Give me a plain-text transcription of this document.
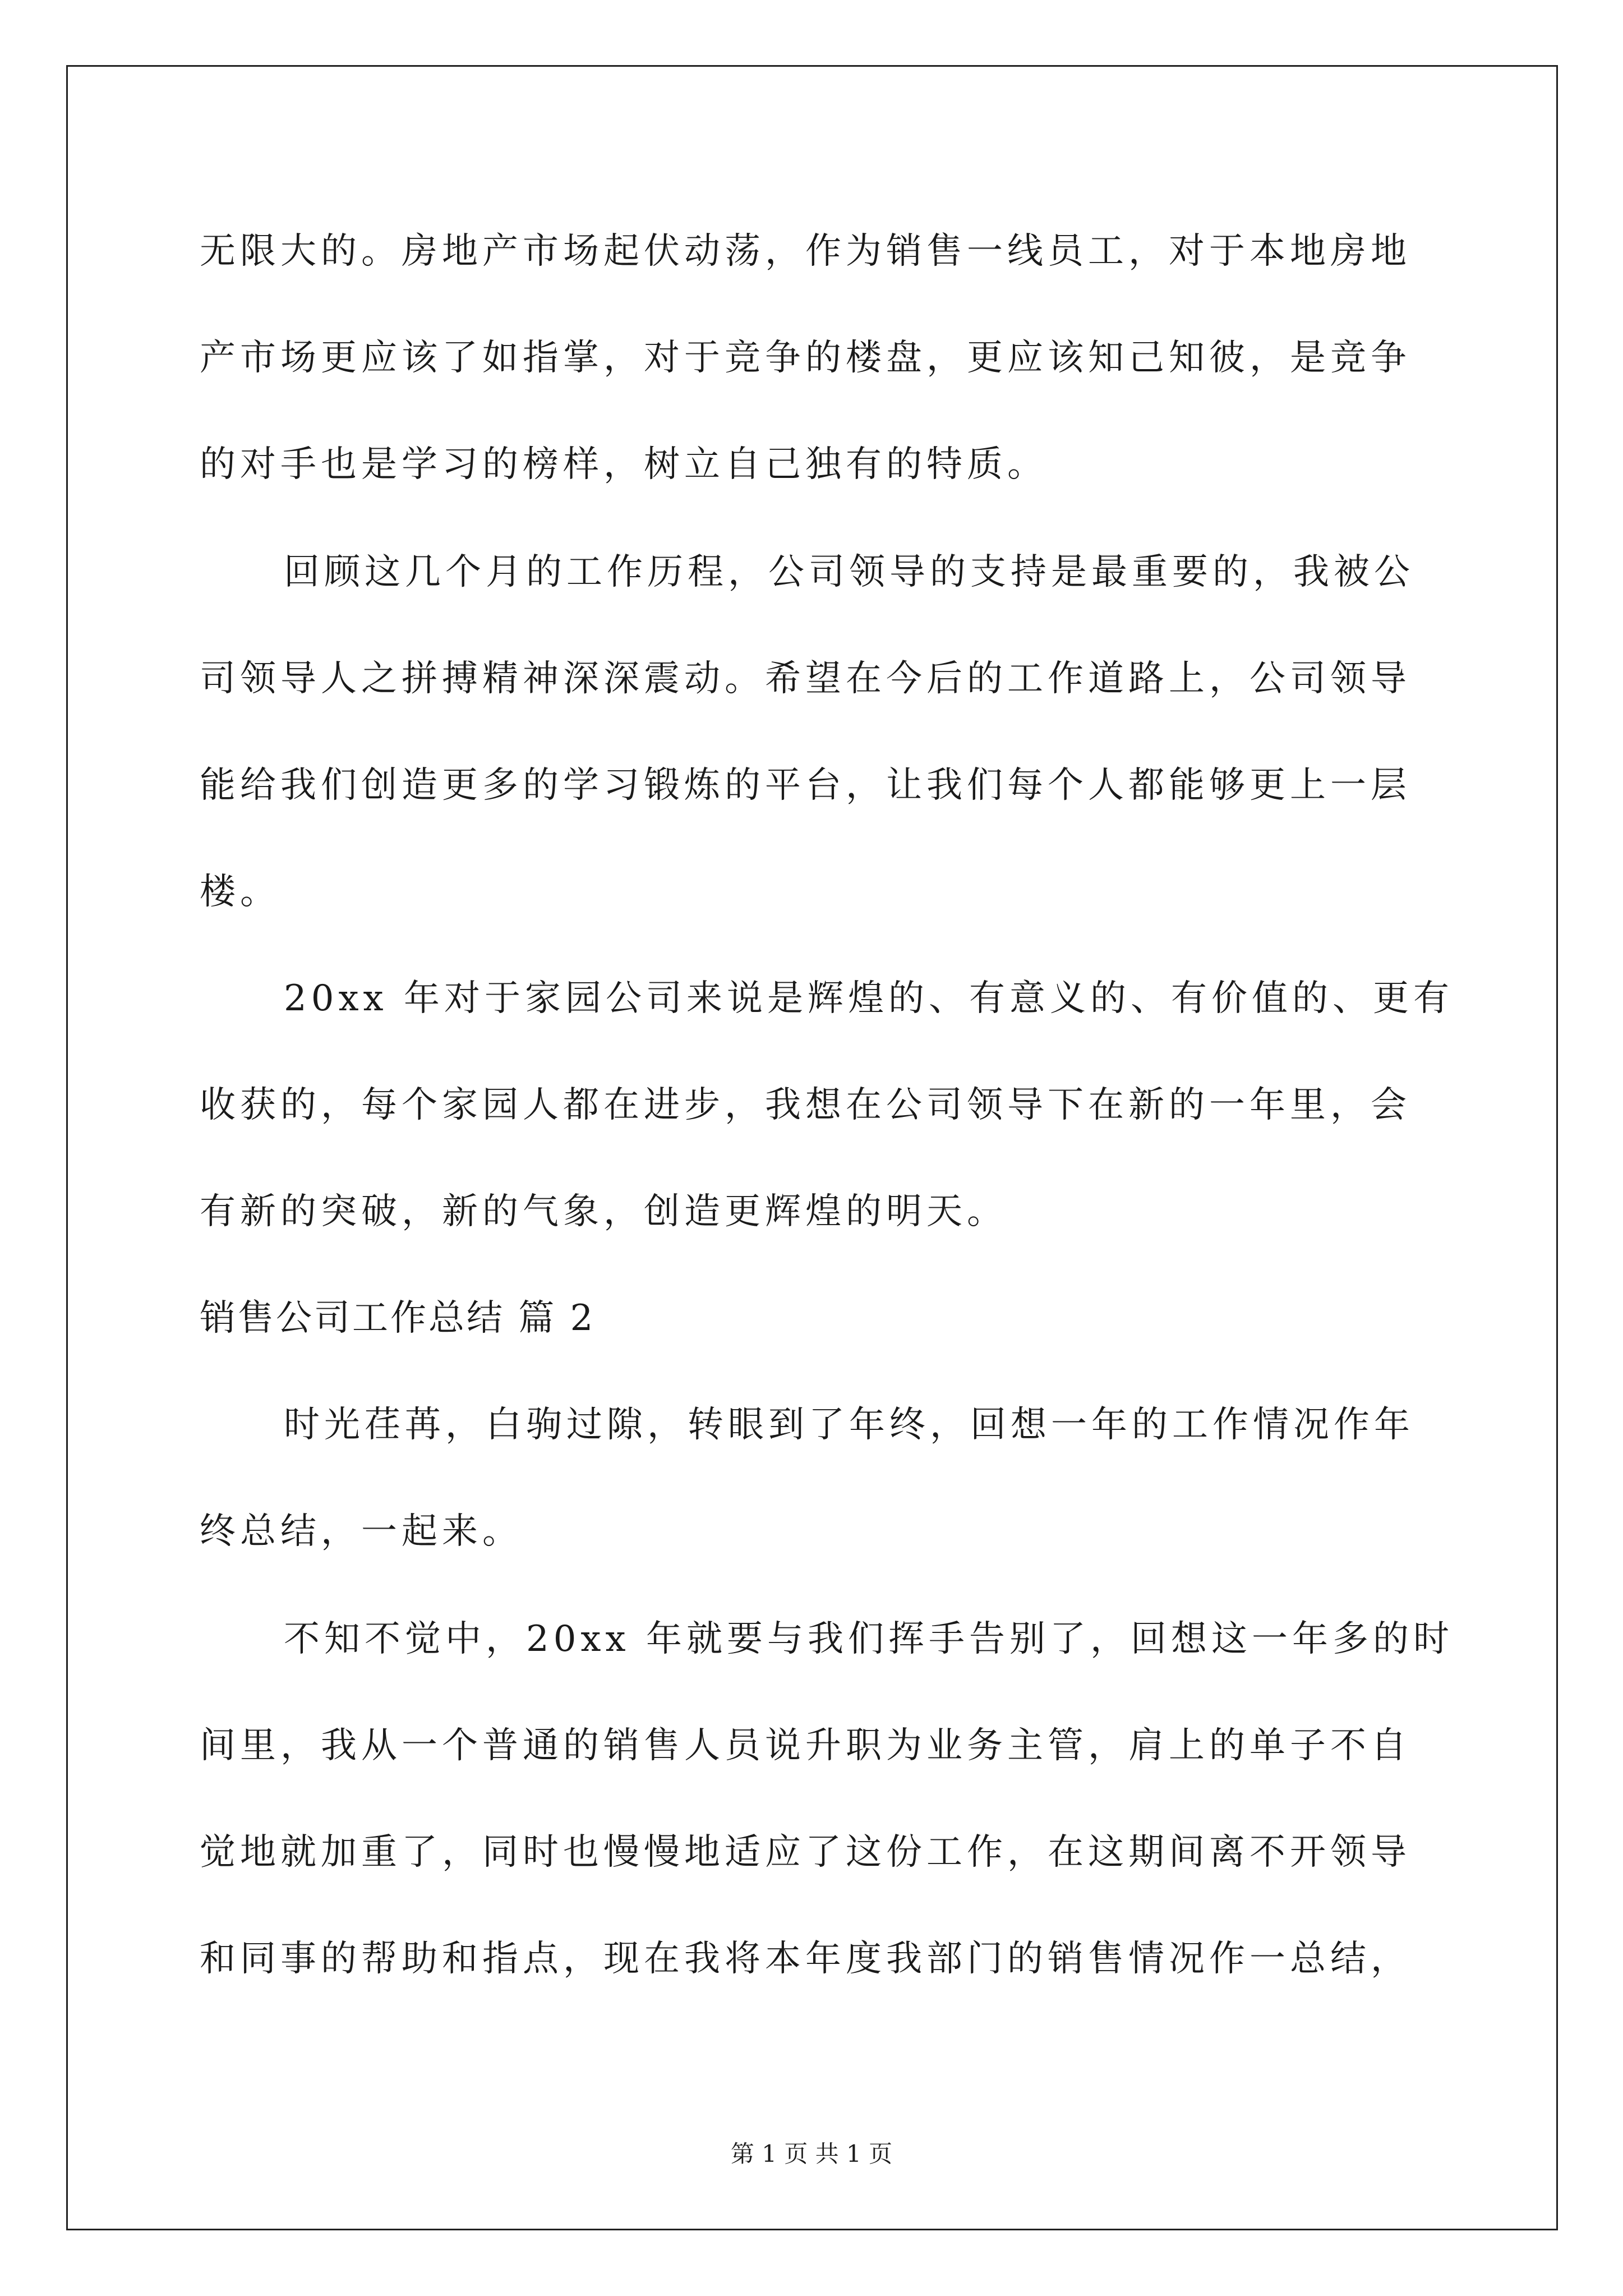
无限大的。房地产市场起伏动荡，作为销售一线员工，对于本地房地
产市场更应该了如指掌，对于竞争的楼盘，更应该知己知彼，是竞争
的对手也是学习的榜样，树立自己独有的特质。
回顾这几个月的工作历程，公司领导的支持是最重要的，我被公
司领导人之拼搏精神深深震动。希望在今后的工作道路上，公司领导
能给我们创造更多的学习锻炼的平台，让我们每个人都能够更上一层
楼。
20xx 年对于家园公司来说是辉煌的、有意义的、有价值的、更有
收获的，每个家园人都在进步，我想在公司领导下在新的一年里，会
有新的突破，新的气象，创造更辉煌的明天。
销售公司工作总结 篇 2
时光荏苒，白驹过隙，转眼到了年终，回想一年的工作情况作年
终总结，一起来。
不知不觉中，20xx 年就要与我们挥手告别了，回想这一年多的时
间里，我从一个普通的销售人员说升职为业务主管，肩上的单子不自
觉地就加重了，同时也慢慢地适应了这份工作，在这期间离不开领导
和同事的帮助和指点，现在我将本年度我部门的销售情况作一总结，
第 1 页 共 1 页
